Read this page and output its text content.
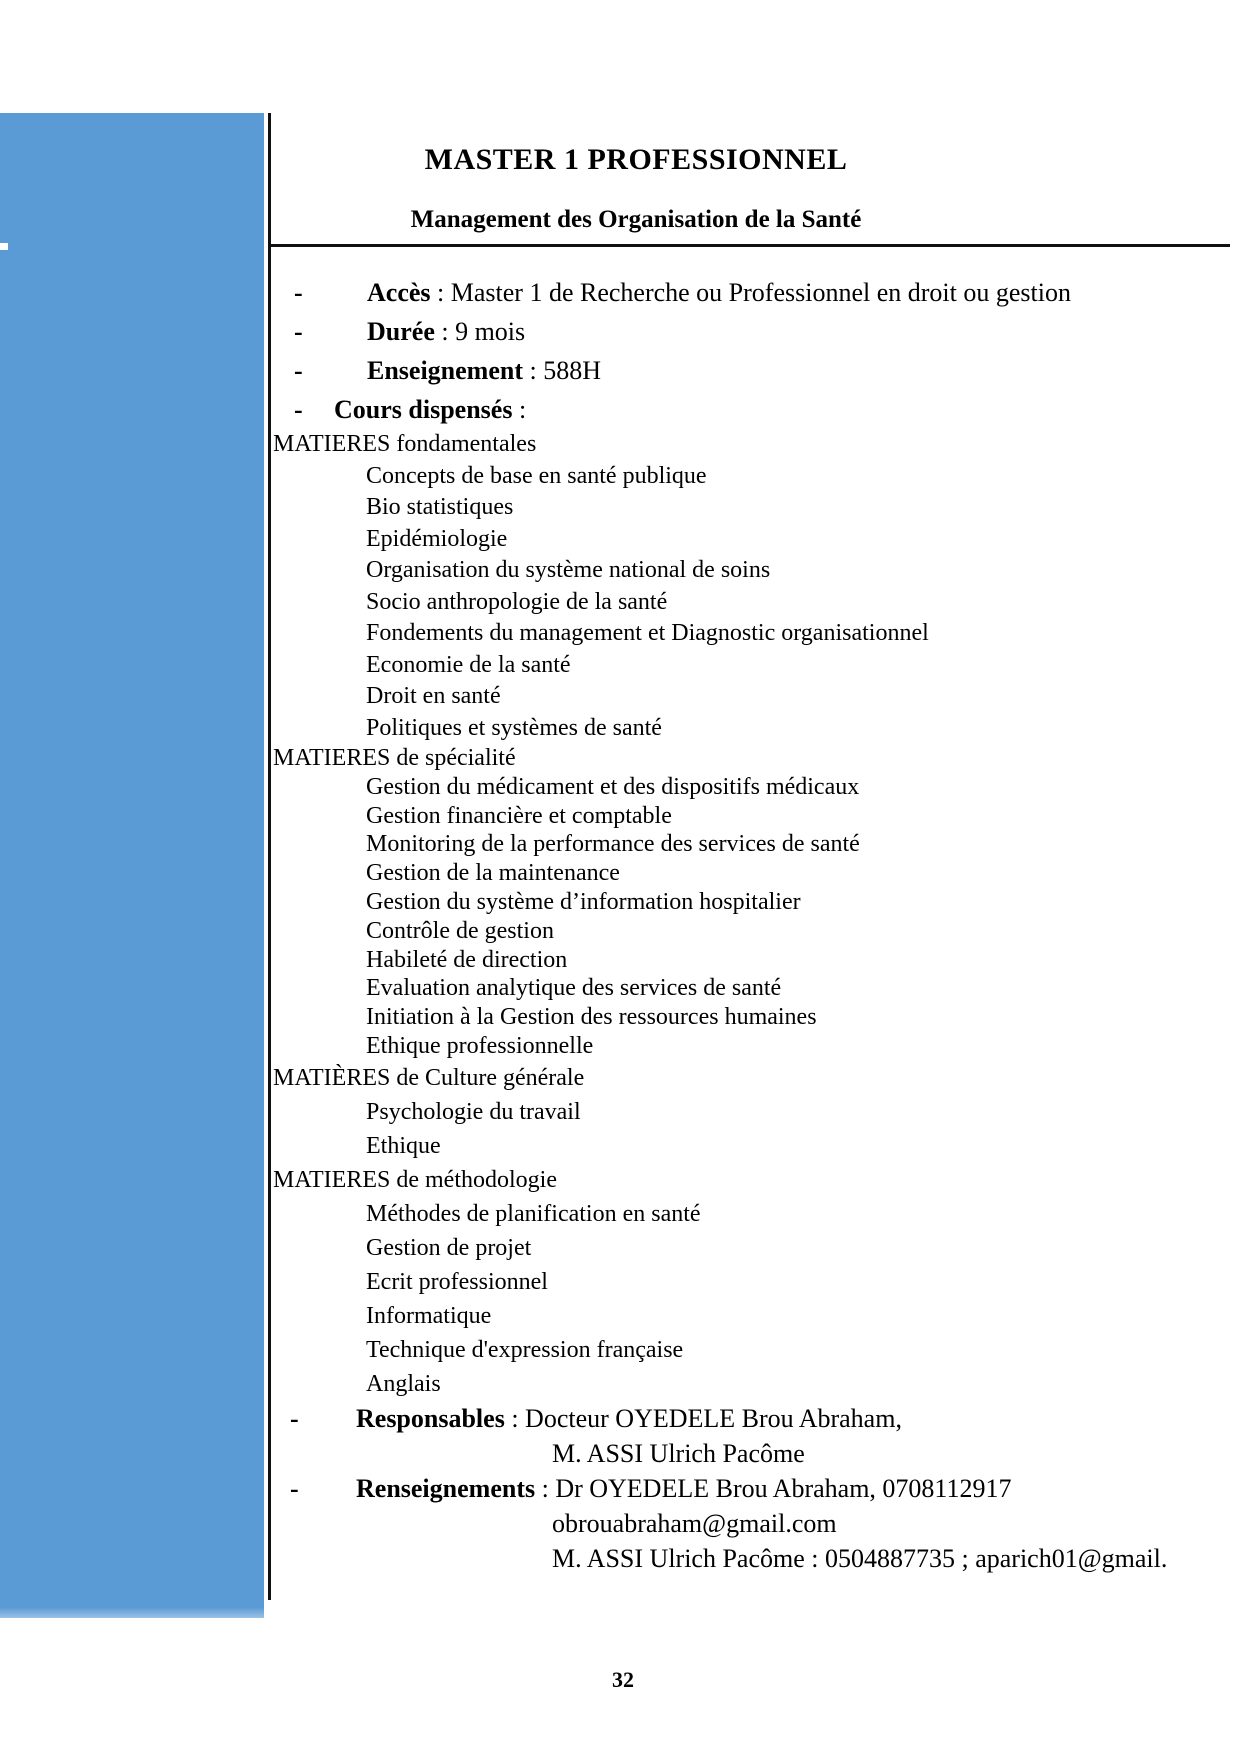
MASTER 1 PROFESSIONNEL
Management des Organisation de la Santé
- Accès : Master 1 de Recherche ou Professionnel en droit ou gestion
- Durée : 9 mois
- Enseignement : 588H
- Cours dispensés :
MATIERES fondamentales
Concepts de base en santé publique
Bio statistiques
Epidémiologie
Organisation du système national de soins
Socio anthropologie de la santé
Fondements du management et Diagnostic organisationnel
Economie de la santé
Droit en santé
Politiques et systèmes de santé
MATIERES de spécialité
Gestion du médicament et des dispositifs médicaux
Gestion financière et comptable
Monitoring de la performance des services de santé
Gestion de la maintenance
Gestion du système d’information hospitalier
Contrôle de gestion
Habileté de direction
Evaluation analytique des services de santé
Initiation à la Gestion des ressources humaines
Ethique professionnelle
MATIÈRES de Culture générale
Psychologie du travail
Ethique
MATIERES de méthodologie
Méthodes de planification en santé
Gestion de projet
Ecrit professionnel
Informatique
Technique d'expression française
Anglais
- Responsables : Docteur OYEDELE Brou Abraham,
M. ASSI Ulrich Pacôme
- Renseignements : Dr OYEDELE Brou Abraham, 0708112917
obrouabraham@gmail.com
M. ASSI Ulrich Pacôme : 0504887735 ; aparich01@gmail.
32
